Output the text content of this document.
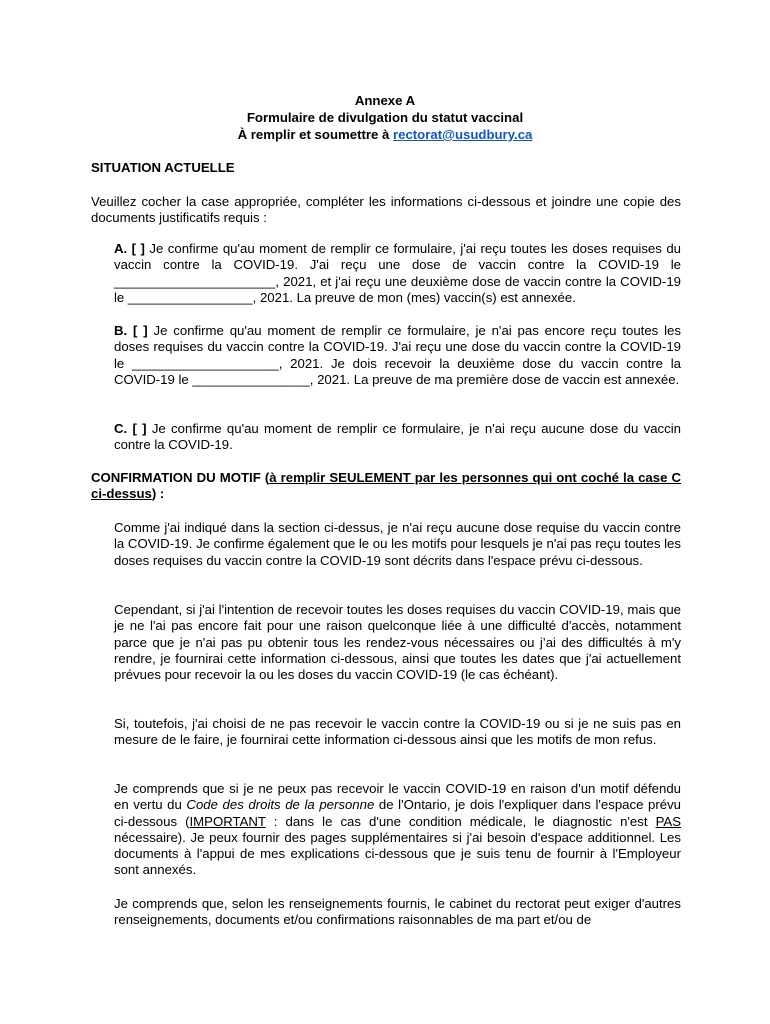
Annexe A
Formulaire de divulgation du statut vaccinal
À remplir et soumettre à rectorat@usudbury.ca
SITUATION ACTUELLE
Veuillez cocher la case appropriée, compléter les informations ci-dessous et joindre une copie des documents justificatifs requis :
A. [ ] Je confirme qu'au moment de remplir ce formulaire, j'ai reçu toutes les doses requises du vaccin contre la COVID-19. J'ai reçu une dose de vaccin contre la COVID-19 le ______________________, 2021, et j'ai reçu une deuxième dose de vaccin contre la COVID-19 le _________________, 2021. La preuve de mon (mes) vaccin(s) est annexée.
B. [ ] Je confirme qu'au moment de remplir ce formulaire, je n'ai pas encore reçu toutes les doses requises du vaccin contre la COVID-19. J'ai reçu une dose du vaccin contre la COVID-19 le ____________________, 2021. Je dois recevoir la deuxième dose du vaccin contre la COVID-19 le ________________, 2021. La preuve de ma première dose de vaccin est annexée.
C. [ ] Je confirme qu'au moment de remplir ce formulaire, je n'ai reçu aucune dose du vaccin contre la COVID-19.
CONFIRMATION DU MOTIF (à remplir SEULEMENT par les personnes qui ont coché la case C ci-dessus) :
Comme j'ai indiqué dans la section ci-dessus, je n'ai reçu aucune dose requise du vaccin contre la COVID-19. Je confirme également que le ou les motifs pour lesquels je n'ai pas reçu toutes les doses requises du vaccin contre la COVID-19 sont décrits dans l'espace prévu ci-dessous.
Cependant, si j'ai l'intention de recevoir toutes les doses requises du vaccin COVID-19, mais que je ne l'ai pas encore fait pour une raison quelconque liée à une difficulté d'accès, notamment parce que je n'ai pas pu obtenir tous les rendez-vous nécessaires ou j’ai des difficultés à m'y rendre, je fournirai cette information ci-dessous, ainsi que toutes les dates que j'ai actuellement prévues pour recevoir la ou les doses du vaccin COVID-19 (le cas échéant).
Si, toutefois, j'ai choisi de ne pas recevoir le vaccin contre la COVID-19 ou si je ne suis pas en mesure de le faire, je fournirai cette information ci-dessous ainsi que les motifs de mon refus.
Je comprends que si je ne peux pas recevoir le vaccin COVID-19 en raison d'un motif défendu en vertu du Code des droits de la personne de l'Ontario, je dois l'expliquer dans l'espace prévu ci-dessous (IMPORTANT : dans le cas d'une condition médicale, le diagnostic n'est PAS nécessaire). Je peux fournir des pages supplémentaires si j'ai besoin d'espace additionnel. Les documents à l'appui de mes explications ci-dessous que je suis tenu de fournir à l'Employeur sont annexés.
Je comprends que, selon les renseignements fournis, le cabinet du rectorat peut exiger d'autres renseignements, documents et/ou confirmations raisonnables de ma part et/ou de
